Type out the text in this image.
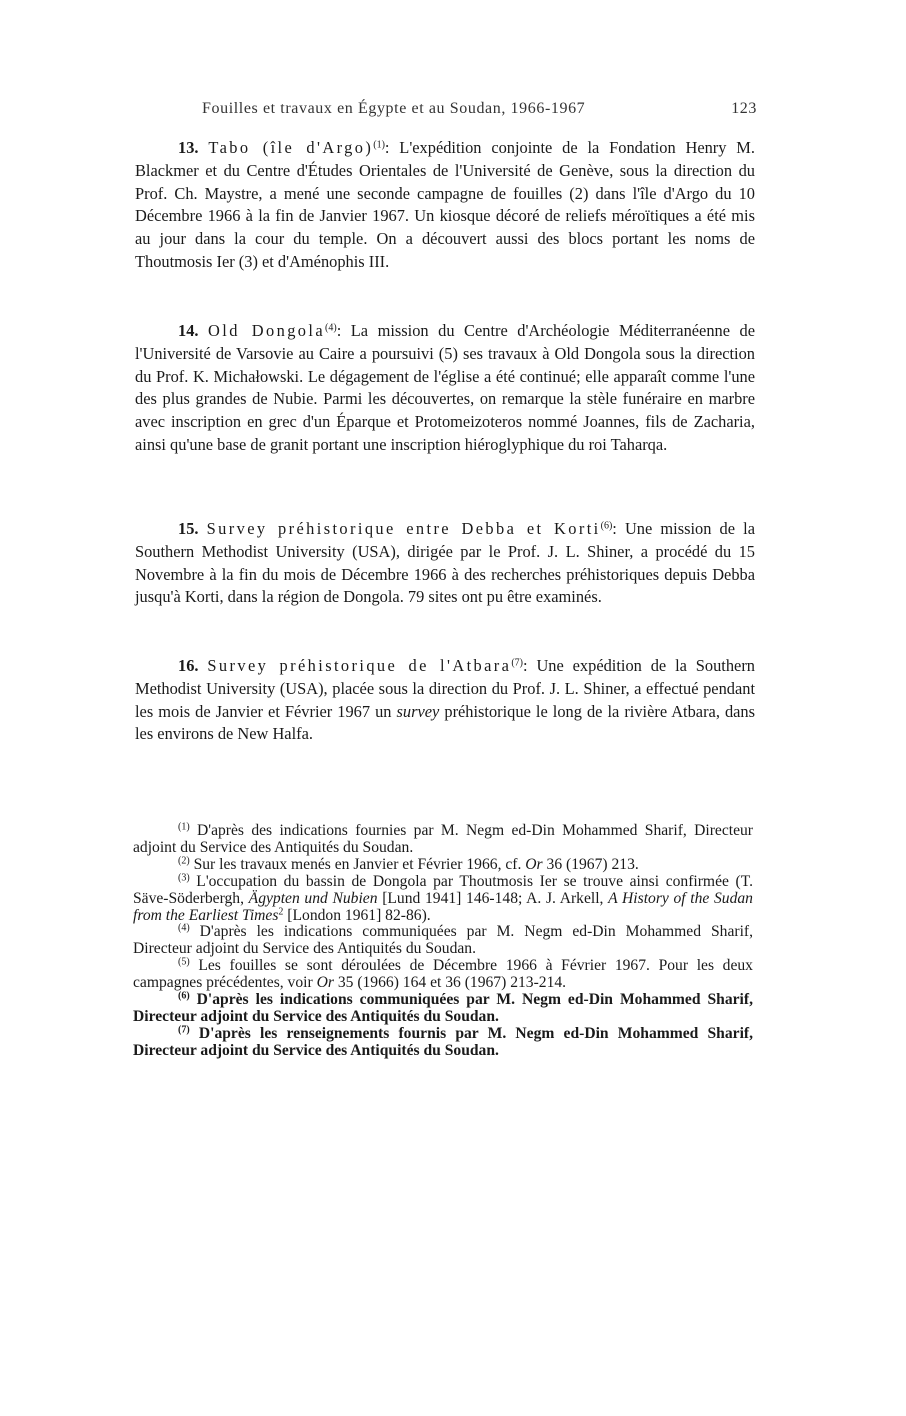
Fouilles et travaux en Égypte et au Soudan, 1966-1967	123
13. Tabo (île d'Argo)$^{(1)}$: L'expédition conjointe de la Fondation Henry M. Blackmer et du Centre d'Études Orientales de l'Université de Genève, sous la direction du Prof. Ch. Maystre, a mené une seconde campagne de fouilles (2) dans l'île d'Argo du 10 Décembre 1966 à la fin de Janvier 1967. Un kiosque décoré de reliefs méroïtiques a été mis au jour dans la cour du temple. On a découvert aussi des blocs portant les noms de Thoutmosis Ier (3) et d'Aménophis III.
14. Old Dongola$^{(4)}$: La mission du Centre d'Archéologie Méditerranéenne de l'Université de Varsovie au Caire a poursuivi (5) ses travaux à Old Dongola sous la direction du Prof. K. Michałowski. Le dégagement de l'église a été continué; elle apparaît comme l'une des plus grandes de Nubie. Parmi les découvertes, on remarque la stèle funéraire en marbre avec inscription en grec d'un Éparque et Protomeizoteros nommé Joannes, fils de Zacharia, ainsi qu'une base de granit portant une inscription hiéroglyphique du roi Taharqa.
15. Survey préhistorique entre Debba et Korti$^{(6)}$: Une mission de la Southern Methodist University (USA), dirigée par le Prof. J. L. Shiner, a procédé du 15 Novembre à la fin du mois de Décembre 1966 à des recherches préhistoriques depuis Debba jusqu'à Korti, dans la région de Dongola. 79 sites ont pu être examinés.
16. Survey préhistorique de l'Atbara$^{(7)}$: Une expédition de la Southern Methodist University (USA), placée sous la direction du Prof. J. L. Shiner, a effectué pendant les mois de Janvier et Février 1967 un survey préhistorique le long de la rivière Atbara, dans les environs de New Halfa.

$^{(1)}$ D'après des indications fournies par M. Negm ed-Din Mohammed Sharif, Directeur adjoint du Service des Antiquités du Soudan.

$^{(2)}$ Sur les travaux menés en Janvier et Février 1966, cf. Or 36 (1967) 213.

$^{(3)}$ L'occupation du bassin de Dongola par Thoutmosis Ier se trouve ainsi confirmée (T. Säve-Söderbergh, Ägypten und Nubien [Lund 1941] 146-148; A. J. Arkell, A History of the Sudan from the Earliest Times$^2$ [London 1961] 82-86).

$^{(4)}$ D'après les indications communiquées par M. Negm ed-Din Mohammed Sharif, Directeur adjoint du Service des Antiquités du Soudan.

$^{(5)}$ Les fouilles se sont déroulées de Décembre 1966 à Février 1967. Pour les deux campagnes précédentes, voir Or 35 (1966) 164 et 36 (1967) 213-214.

$^{(6)}$ D'après les indications communiquées par M. Negm ed-Din Mohammed Sharif, Directeur adjoint du Service des Antiquités du Soudan.

$^{(7)}$ D'après les renseignements fournis par M. Negm ed-Din Mohammed Sharif, Directeur adjoint du Service des Antiquités du Soudan.
